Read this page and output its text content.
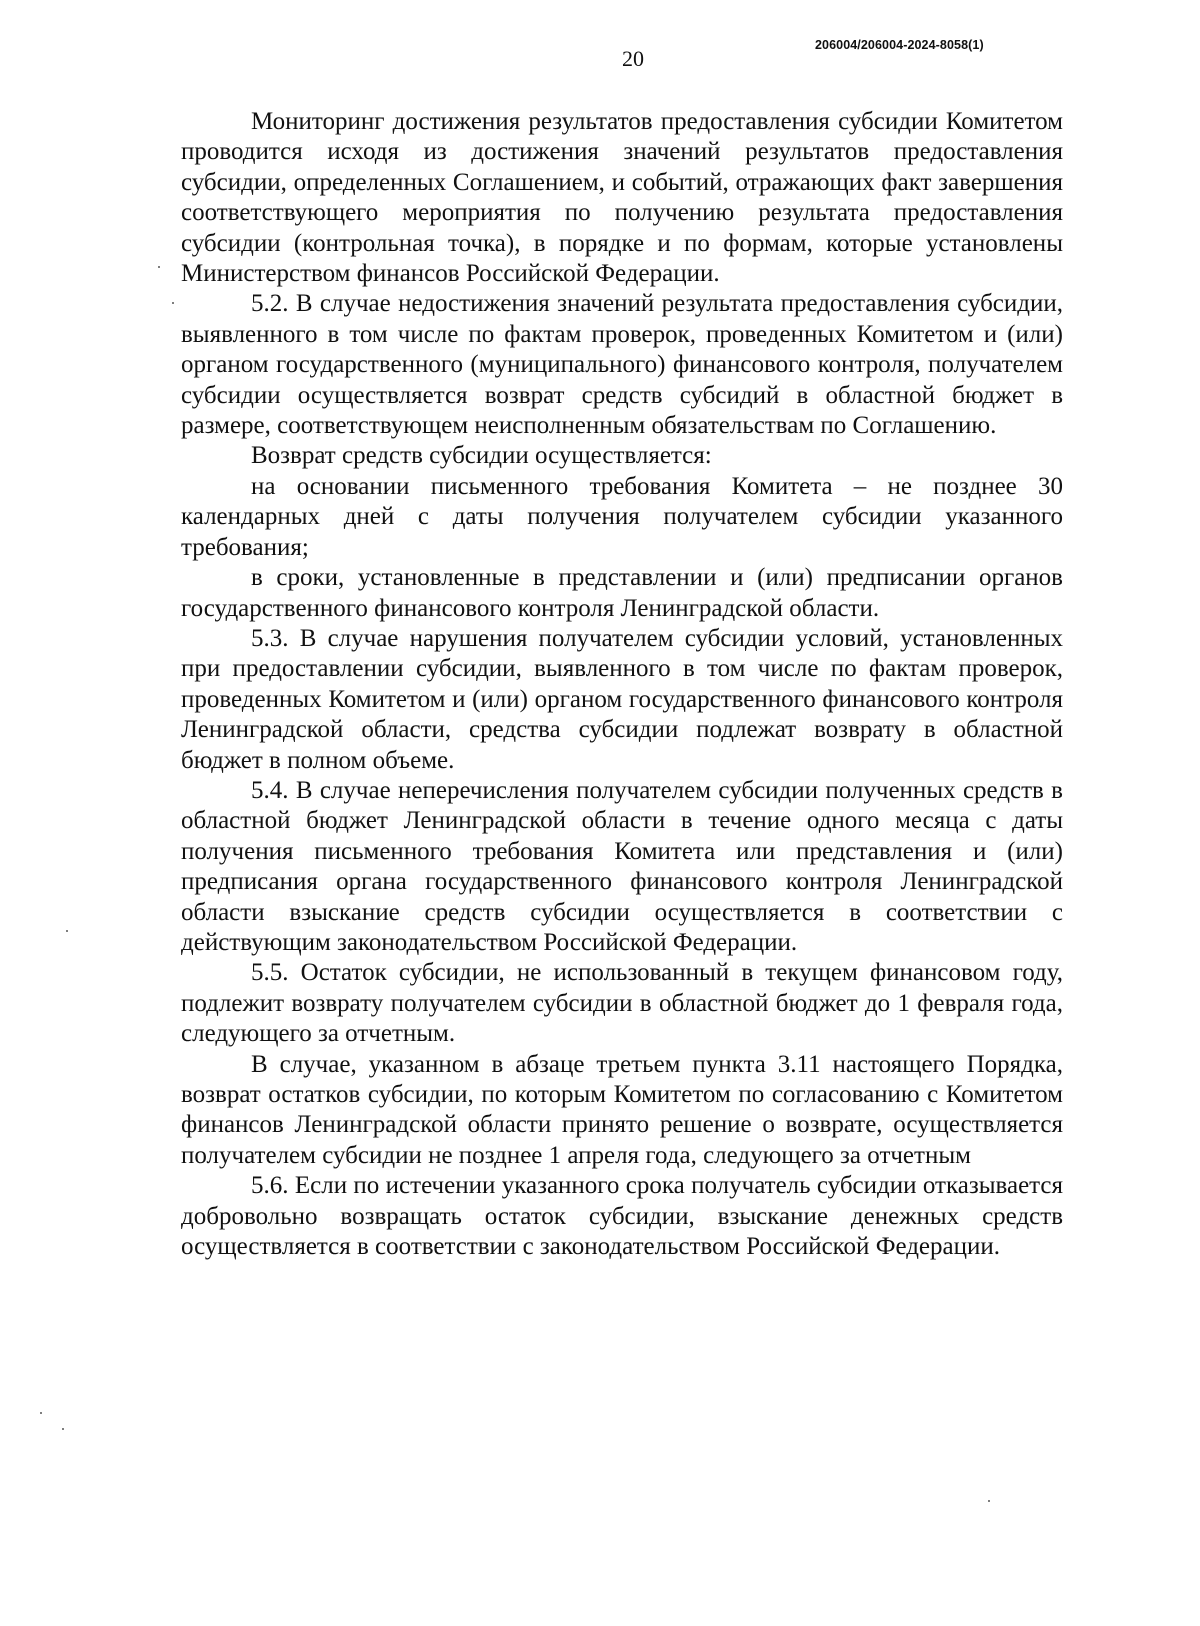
20
206004/206004-2024-8058(1)

Мониторинг достижения результатов предоставления субсидии Комитетом проводится исходя из достижения значений результатов предоставления субсидии, определенных Соглашением, и событий, отражающих факт завершения соответствующего мероприятия по получению результата предоставления субсидии (контрольная точка), в порядке и по формам, которые установлены Министерством финансов Российской Федерации.

5.2. В случае недостижения значений результата предоставления субсидии, выявленного в том числе по фактам проверок, проведенных Комитетом и (или) органом государственного (муниципального) финансового контроля, получателем субсидии осуществляется возврат средств субсидий в областной бюджет в размере, соответствующем неисполненным обязательствам по Соглашению.

Возврат средств субсидии осуществляется:

на основании письменного требования Комитета – не позднее 30 календарных дней с даты получения получателем субсидии указанного требования;

в сроки, установленные в представлении и (или) предписании органов государственного финансового контроля Ленинградской области.

5.3. В случае нарушения получателем субсидии условий, установленных при предоставлении субсидии, выявленного в том числе по фактам проверок, проведенных Комитетом и (или) органом государственного финансового контроля Ленинградской области, средства субсидии подлежат возврату в областной бюджет в полном объеме.

5.4. В случае неперечисления получателем субсидии полученных средств в областной бюджет Ленинградской области в течение одного месяца с даты получения письменного требования Комитета или представления и (или) предписания органа государственного финансового контроля Ленинградской области взыскание средств субсидии осуществляется в соответствии с действующим законодательством Российской Федерации.

5.5. Остаток субсидии, не использованный в текущем финансовом году, подлежит возврату получателем субсидии в областной бюджет до 1 февраля года, следующего за отчетным.

В случае, указанном в абзаце третьем пункта 3.11 настоящего Порядка, возврат остатков субсидии, по которым Комитетом по согласованию с Комитетом финансов Ленинградской области принято решение о возврате, осуществляется получателем субсидии не позднее 1 апреля года, следующего за отчетным

5.6. Если по истечении указанного срока получатель субсидии отказывается добровольно возвращать остаток субсидии, взыскание денежных средств осуществляется в соответствии с законодательством Российской Федерации.
